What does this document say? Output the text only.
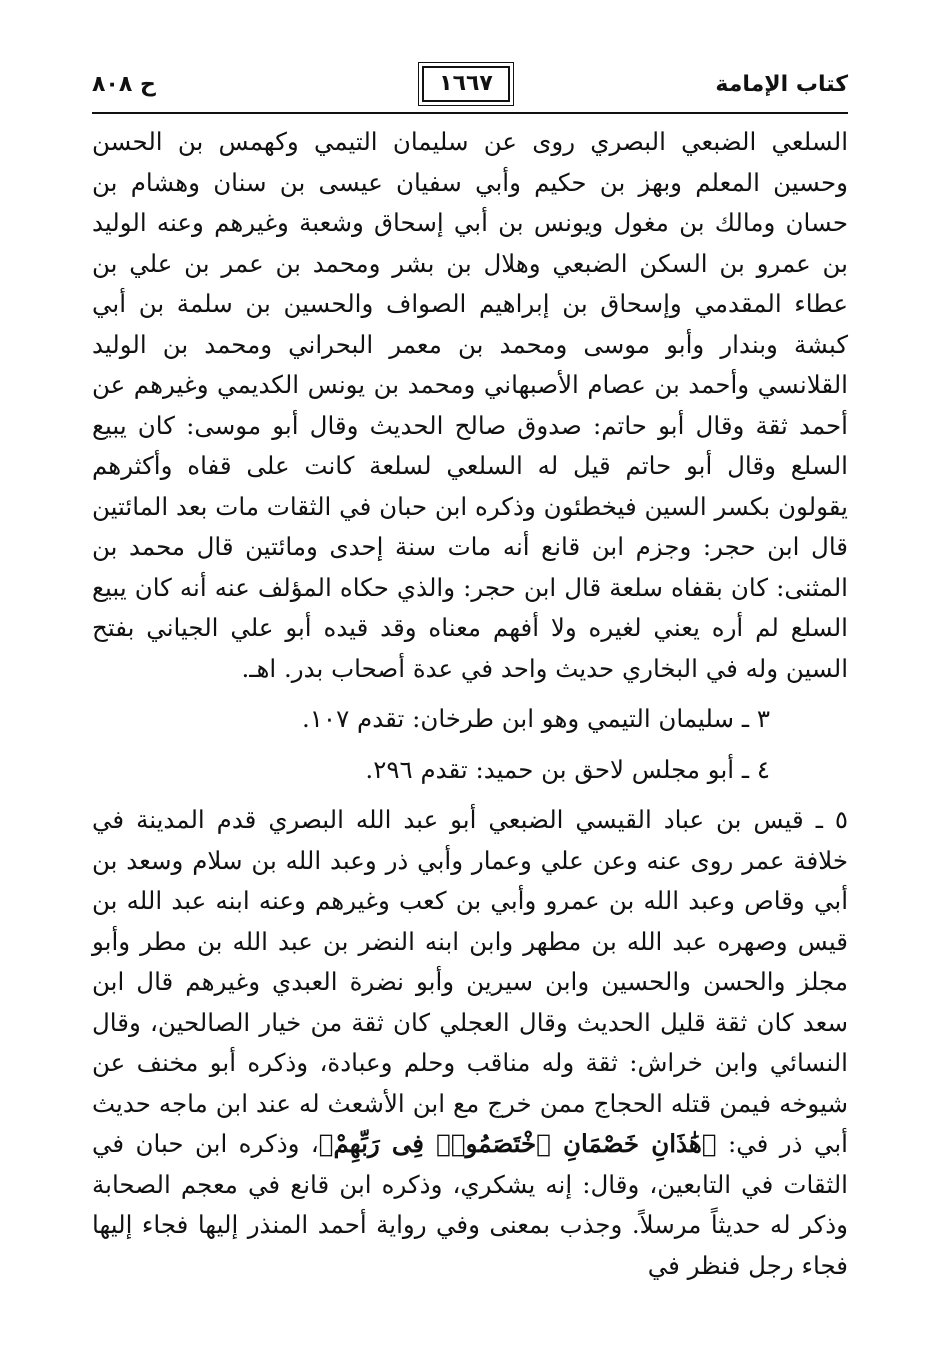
كتاب الإمامة
١٦٦٧
ح ٨٠٨

السلعي الضبعي البصري روى عن سليمان التيمي وكهمس بن الحسن وحسين المعلم وبهز بن حكيم وأبي سفيان عيسى بن سنان وهشام بن حسان ومالك بن مغول ويونس بن أبي إسحاق وشعبة وغيرهم وعنه الوليد بن عمرو بن السكن الضبعي وهلال بن بشر ومحمد بن عمر بن علي بن عطاء المقدمي وإسحاق بن إبراهيم الصواف والحسين بن سلمة بن أبي كبشة وبندار وأبو موسى ومحمد بن معمر البحراني ومحمد بن الوليد القلانسي وأحمد بن عصام الأصبهاني ومحمد بن يونس الكديمي وغيرهم عن أحمد ثقة وقال أبو حاتم: صدوق صالح الحديث وقال أبو موسى: كان يبيع السلع وقال أبو حاتم قيل له السلعي لسلعة كانت على قفاه وأكثرهم يقولون بكسر السين فيخطئون وذكره ابن حبان في الثقات مات بعد المائتين قال ابن حجر: وجزم ابن قانع أنه مات سنة إحدى ومائتين قال محمد بن المثنى: كان بقفاه سلعة قال ابن حجر: والذي حكاه المؤلف عنه أنه كان يبيع السلع لم أره يعني لغيره ولا أفهم معناه وقد قيده أبو علي الجياني بفتح السين وله في البخاري حديث واحد في عدة أصحاب بدر. اهـ.

٣ ـ سليمان التيمي وهو ابن طرخان: تقدم ١٠٧.

٤ ـ أبو مجلس لاحق بن حميد: تقدم ٢٩٦.

٥ ـ قيس بن عباد القيسي الضبعي أبو عبد الله البصري قدم المدينة في خلافة عمر روى عنه وعن علي وعمار وأبي ذر وعبد الله بن سلام وسعد بن أبي وقاص وعبد الله بن عمرو وأبي بن كعب وغيرهم وعنه ابنه عبد الله بن قيس وصهره عبد الله بن مطهر وابن ابنه النضر بن عبد الله بن مطر وأبو مجلز والحسن والحسين وابن سيرين وأبو نضرة العبدي وغيرهم قال ابن سعد كان ثقة قليل الحديث وقال العجلي كان ثقة من خيار الصالحين، وقال النسائي وابن خراش: ثقة وله مناقب وحلم وعبادة، وذكره أبو مخنف عن شيوخه فيمن قتله الحجاج ممن خرج مع ابن الأشعث له عند ابن ماجه حديث أبي ذر في: ﴿هَٰذَانِ خَصْمَانِ ٱخْتَصَمُوا۟ فِى رَبِّهِمْ﴾، وذكره ابن حبان في الثقات في التابعين، وقال: إنه يشكري، وذكره ابن قانع في معجم الصحابة وذكر له حديثاً مرسلاً. وجذب بمعنى وفي رواية أحمد المنذر إليها فجاء إليها فجاء رجل فنظر في
